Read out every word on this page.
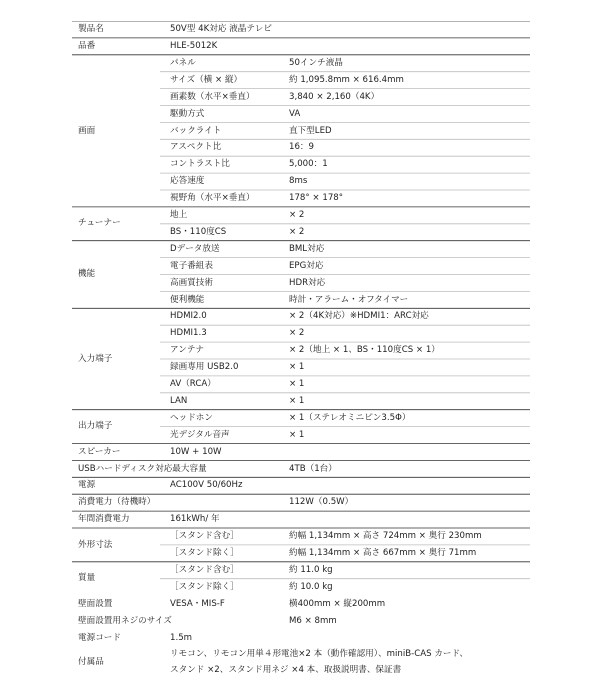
製品名	50V型 4K対応 液晶テレビ
品番	HLE-5012K
画面
パネル	50インチ液晶
サイズ（横 × 縦）	約 1,095.8mm × 616.4mm
画素数（水平×垂直）	3,840 × 2,160（4K）
駆動方式	VA
バックライト	直下型LED
アスペクト比	16：9
コントラスト比	5,000：1
応答速度	8ms
視野角（水平×垂直）	178° × 178°
チューナー
地上	× 2
BS・110度CS	× 2
機能
Dデータ放送	BML対応
電子番組表	EPG対応
高画質技術	HDR対応
便利機能	時計・アラーム・オフタイマー
入力端子
HDMI2.0	× 2（4K対応）※HDMI1：ARC対応
HDMI1.3	× 2
アンテナ	× 2（地上 × 1、BS・110度CS × 1）
録画専用 USB2.0	× 1
AV（RCA）	× 1
LAN	× 1
出力端子
ヘッドホン	× 1（ステレオミニピン3.5Φ）
光デジタル音声	× 1
スピーカー	10W + 10W
USBハードディスク対応最大容量	4TB（1台）
電源	AC100V 50/60Hz
消費電力（待機時）	112W（0.5W）
年間消費電力	161kWh/ 年
外形寸法
［スタンド含む］	約幅 1,134mm × 高さ 724mm × 奥行 230mm
［スタンド除く］	約幅 1,134mm × 高さ 667mm × 奥行 71mm
質量
［スタンド含む］	約 11.0 kg
［スタンド除く］	約 10.0 kg
壁面設置	VESA・MIS-F	横400mm × 縦200mm
壁面設置用ネジのサイズ	M6 × 8mm
電源コード	1.5m
付属品
リモコン、リモコン用単４形電池×2 本（動作確認用）、miniB-CAS カード、
スタンド ×2、スタンド用ネジ ×4 本、取扱説明書、保証書
